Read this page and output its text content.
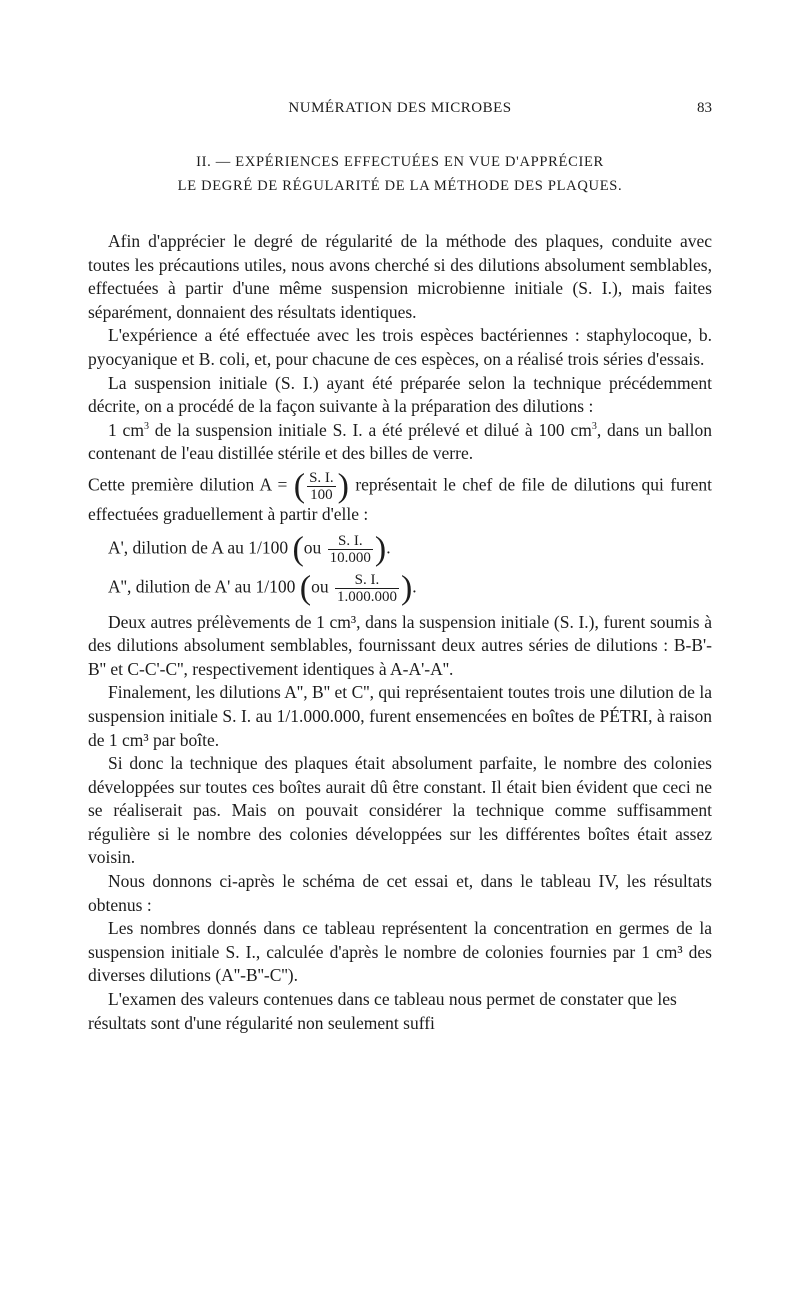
NUMÉRATION DES MICROBES	83
II. — EXPÉRIENCES EFFECTUÉES EN VUE D'APPRÉCIER
LE DEGRÉ DE RÉGULARITÉ DE LA MÉTHODE DES PLAQUES.

Afin d'apprécier le degré de régularité de la méthode des plaques, conduite avec toutes les précautions utiles, nous avons cherché si des dilutions absolument semblables, effectuées à partir d'une même suspension microbienne initiale (S. I.), mais faites séparément, donnaient des résultats identiques.

L'expérience a été effectuée avec les trois espèces bactériennes : staphylocoque, b. pyocyanique et B. coli, et, pour chacune de ces espèces, on a réalisé trois séries d'essais.

La suspension initiale (S. I.) ayant été préparée selon la technique précédemment décrite, on a procédé de la façon suivante à la préparation des dilutions :

1 $cm^3$ de la suspension initiale S. I. a été prélevé et dilué à 100 $cm^3$, dans un ballon contenant de l'eau distillée stérile et des billes de verre.

Cette première dilution A = ( $\frac{S. I.}{100}$ ) représentait le chef de file de dilutions qui furent effectuées graduellement à partir d'elle :

A', dilution de A au 1/100 ($ou \frac{S. I.}{10.000}$ ).
A'', dilution de A' au 1/100 ($ou \frac{S. I.}{1.000.000}$ ).

Deux autres prélèvements de 1 cm³, dans la suspension initiale (S. I.), furent soumis à des dilutions absolument semblables, fournissant deux autres séries de dilutions : B-B'-B'' et C-C'-C'', respectivement identiques à A-A'-A''.

Finalement, les dilutions A'', B'' et C'', qui représentaient toutes trois une dilution de la suspension initiale S. I. au 1/1.000.000, furent ensemencées en boîtes de PÉTRI, à raison de 1 cm³ par boîte.

Si donc la technique des plaques était absolument parfaite, le nombre des colonies développées sur toutes ces boîtes aurait dû être constant. Il était bien évident que ceci ne se réaliserait pas. Mais on pouvait considérer la technique comme suffisamment régulière si le nombre des colonies développées sur les différentes boîtes était assez voisin.

Nous donnons ci-après le schéma de cet essai et, dans le tableau IV, les résultats obtenus :

Les nombres donnés dans ce tableau représentent la concentration en germes de la suspension initiale S. I., calculée d'après le nombre de colonies fournies par 1 cm³ des diverses dilutions (A''-B''-C'').

L'examen des valeurs contenues dans ce tableau nous permet de constater que les résultats sont d'une régularité non seulement suffi
